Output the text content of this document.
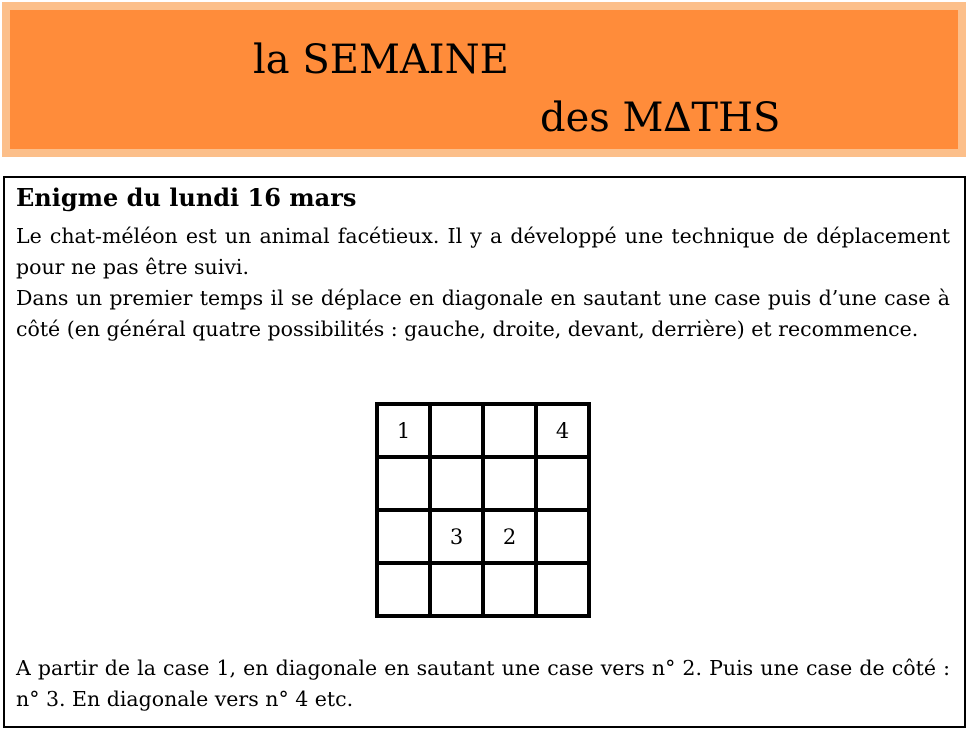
la SEMAINE
des M∆THS
Enigme du lundi 16 mars
Le chat-méléon est un animal facétieux. Il y a développé une technique de déplacement pour ne pas être suivi.
Dans un premier temps il se déplace en diagonale en sautant une case puis d’une case à côté (en général quatre possibilités : gauche, droite, devant, derrière) et recommence.
1	4
3	2
A partir de la case 1, en diagonale en sautant une case vers n° 2. Puis une case de côté : n° 3. En diagonale vers n° 4 etc.
